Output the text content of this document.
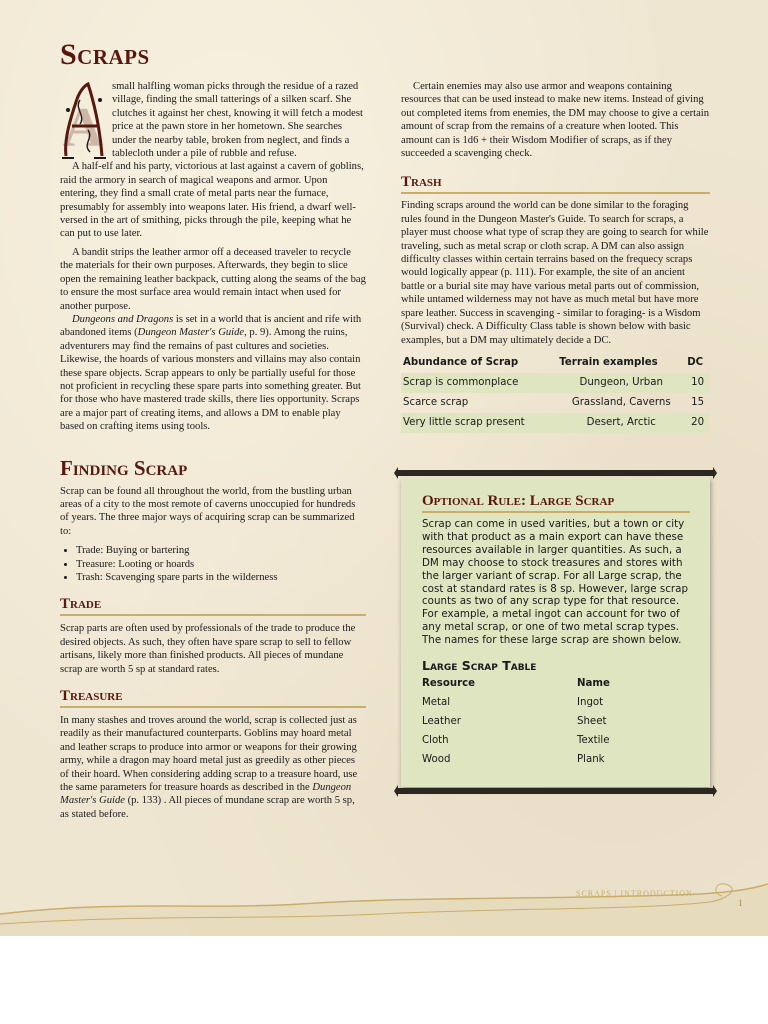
Scraps
A

small halfling woman picks through the residue of a razed village, finding the small tatterings of a silken scarf. She clutches it against her chest, knowing it will fetch a modest price at the pawn store in her hometown. She searches under the nearby table, broken from neglect, and finds a tablecloth under a pile of rubble and refuse.

A half-elf and his party, victorious at last against a cavern of goblins, raid the armory in search of magical weapons and armor. Upon entering, they find a small crate of metal parts near the furnace, presumably for assembly into weapons later. His friend, a dwarf well-versed in the art of smithing, picks through the pile, keeping what he can put to use later.

A bandit strips the leather armor off a deceased traveler to recycle the materials for their own purposes. Afterwards, they begin to slice open the remaining leather backpack, cutting along the seams of the bag to ensure the most surface area would remain intact when used for another purpose.

Dungeons and Dragons is set in a world that is ancient and rife with abandoned items (Dungeon Master's Guide, p. 9). Among the ruins, adventurers may find the remains of past cultures and societies. Likewise, the hoards of various monsters and villains may also contain these spare objects. Scrap appears to only be partially useful for those not proficient in recycling these spare parts into something greater. But for those who have mastered trade skills, there lies opportunity. Scraps are a major part of creating items, and allows a DM to enable play based on crafting items using tools.

Finding Scrap

Scrap can be found all throughout the world, from the bustling urban areas of a city to the most remote of caverns unoccupied for hundreds of years. The three major ways of acquiring scrap can be summarized to:

• Trade: Buying or bartering
• Treasure: Looting or hoards
• Trash: Scavenging spare parts in the wilderness
Trade

Scrap parts are often used by professionals of the trade to produce the desired objects. As such, they often have spare scrap to sell to fellow artisans, likely more than finished products. All pieces of mundane scrap are worth 5 sp at standard rates.

Treasure

In many stashes and troves around the world, scrap is collected just as readily as their manufactured counterparts. Goblins may hoard metal and leather scraps to produce into armor or weapons for their growing army, while a dragon may hoard metal just as greedily as other pieces of their hoard. When considering adding scrap to a treasure hoard, use the same parameters for treasure hoards as described in the Dungeon Master's Guide (p. 133) . All pieces of mundane scrap are worth 5 sp, as stated before.

Certain enemies may also use armor and weapons containing resources that can be used instead to make new items. Instead of giving out completed items from enemies, the DM may choose to give a certain amount of scrap from the remains of a creature when looted. This amount can is 1d6 + their Wisdom Modifier of scraps, as if they succeeded a scavenging check.

Trash

Finding scraps around the world can be done similar to the foraging rules found in the Dungeon Master's Guide. To search for scraps, a player must choose what type of scrap they are going to search for while traveling, such as metal scrap or cloth scrap. A DM can also assign difficulty classes within certain terrains based on the frequecy scraps would logically appear (p. 111). For example, the site of an ancient battle or a burial site may have various metal parts out of commission, while untamed wilderness may not have as much metal but have more spare leather. Success in scavenging - similar to foraging- is a Wisdom (Survival) check. A Difficulty Class table is shown below with basic examples, but a DM may ultimately decide a DC.

Abundance of Scrap	Terrain examples	DC
Scrap is commonplace	Dungeon, Urban	10
Scarce scrap	Grassland, Caverns	15
Very little scrap present	Desert, Arctic	20
Optional Rule: Large Scrap

Scrap can come in used varities, but a town or city with that product as a main export can have these resources available in larger quantities. As such, a DM may choose to stock treasures and stores with the larger variant of scrap. For all Large scrap, the cost at standard rates is 8 sp. However, large scrap counts as two of any scrap type for that resource. For example, a metal ingot can account for two of any metal scrap, or one of two metal scrap types. The names for these large scrap are shown below.

Large Scrap Table
Resource	Name
Metal	Ingot
Leather	Sheet
Cloth	Textile
Wood	Plank
SCRAPS | INTRODUCTION
1
